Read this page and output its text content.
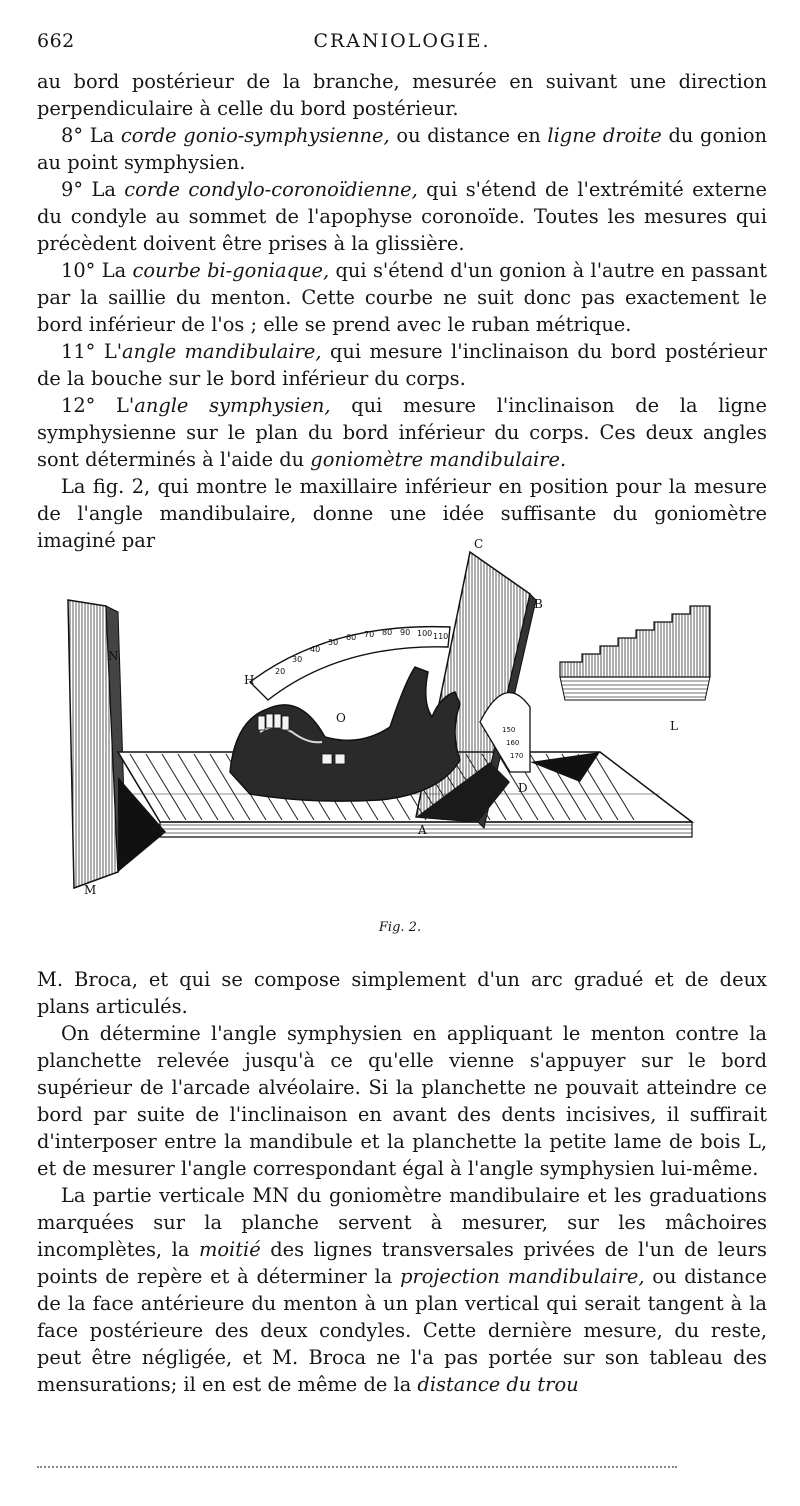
662	CRANIOLOGIE.

au bord postérieur de la branche, mesurée en suivant une direction perpendiculaire à celle du bord postérieur.

8° La corde gonio-symphysienne, ou distance en ligne droite du gonion au point symphysien.

9° La corde condylo-coronoïdienne, qui s'étend de l'extrémité externe du condyle au sommet de l'apophyse coronoïde. Toutes les mesures qui précèdent doivent être prises à la glissière.

10° La courbe bi-goniaque, qui s'étend d'un gonion à l'autre en passant par la saillie du menton. Cette courbe ne suit donc pas exactement le bord inférieur de l'os ; elle se prend avec le ruban métrique.

11° L'angle mandibulaire, qui mesure l'inclinaison du bord postérieur de la bouche sur le bord inférieur du corps.

12° L'angle symphysien, qui mesure l'inclinaison de la ligne symphysienne sur le plan du bord inférieur du corps. Ces deux angles sont déterminés à l'aide du goniomètre mandibulaire.

La fig. 2, qui montre le maxillaire inférieur en position pour la mesure de l'angle mandibulaire, donne une idée suffisante du goniomètre imaginé par

20
30
40
50
60 70 80 90 100 110
150
160
170
C
B
N
H
O
L
D
A
M
Fig. 2.

M. Broca, et qui se compose simplement d'un arc gradué et de deux plans articulés.

On détermine l'angle symphysien en appliquant le menton contre la planchette relevée jusqu'à ce qu'elle vienne s'appuyer sur le bord supérieur de l'arcade alvéolaire. Si la planchette ne pouvait atteindre ce bord par suite de l'inclinaison en avant des dents incisives, il suffirait d'interposer entre la mandibule et la planchette la petite lame de bois L, et de mesurer l'angle correspondant égal à l'angle symphysien lui-même.

La partie verticale MN du goniomètre mandibulaire et les graduations marquées sur la planche servent à mesurer, sur les mâchoires incomplètes, la moitié des lignes transversales privées de l'un de leurs points de repère et à déterminer la projection mandibulaire, ou distance de la face antérieure du menton à un plan vertical qui serait tangent à la face postérieure des deux condyles. Cette dernière mesure, du reste, peut être négligée, et M. Broca ne l'a pas portée sur son tableau des mensurations; il en est de même de la distance du trou
